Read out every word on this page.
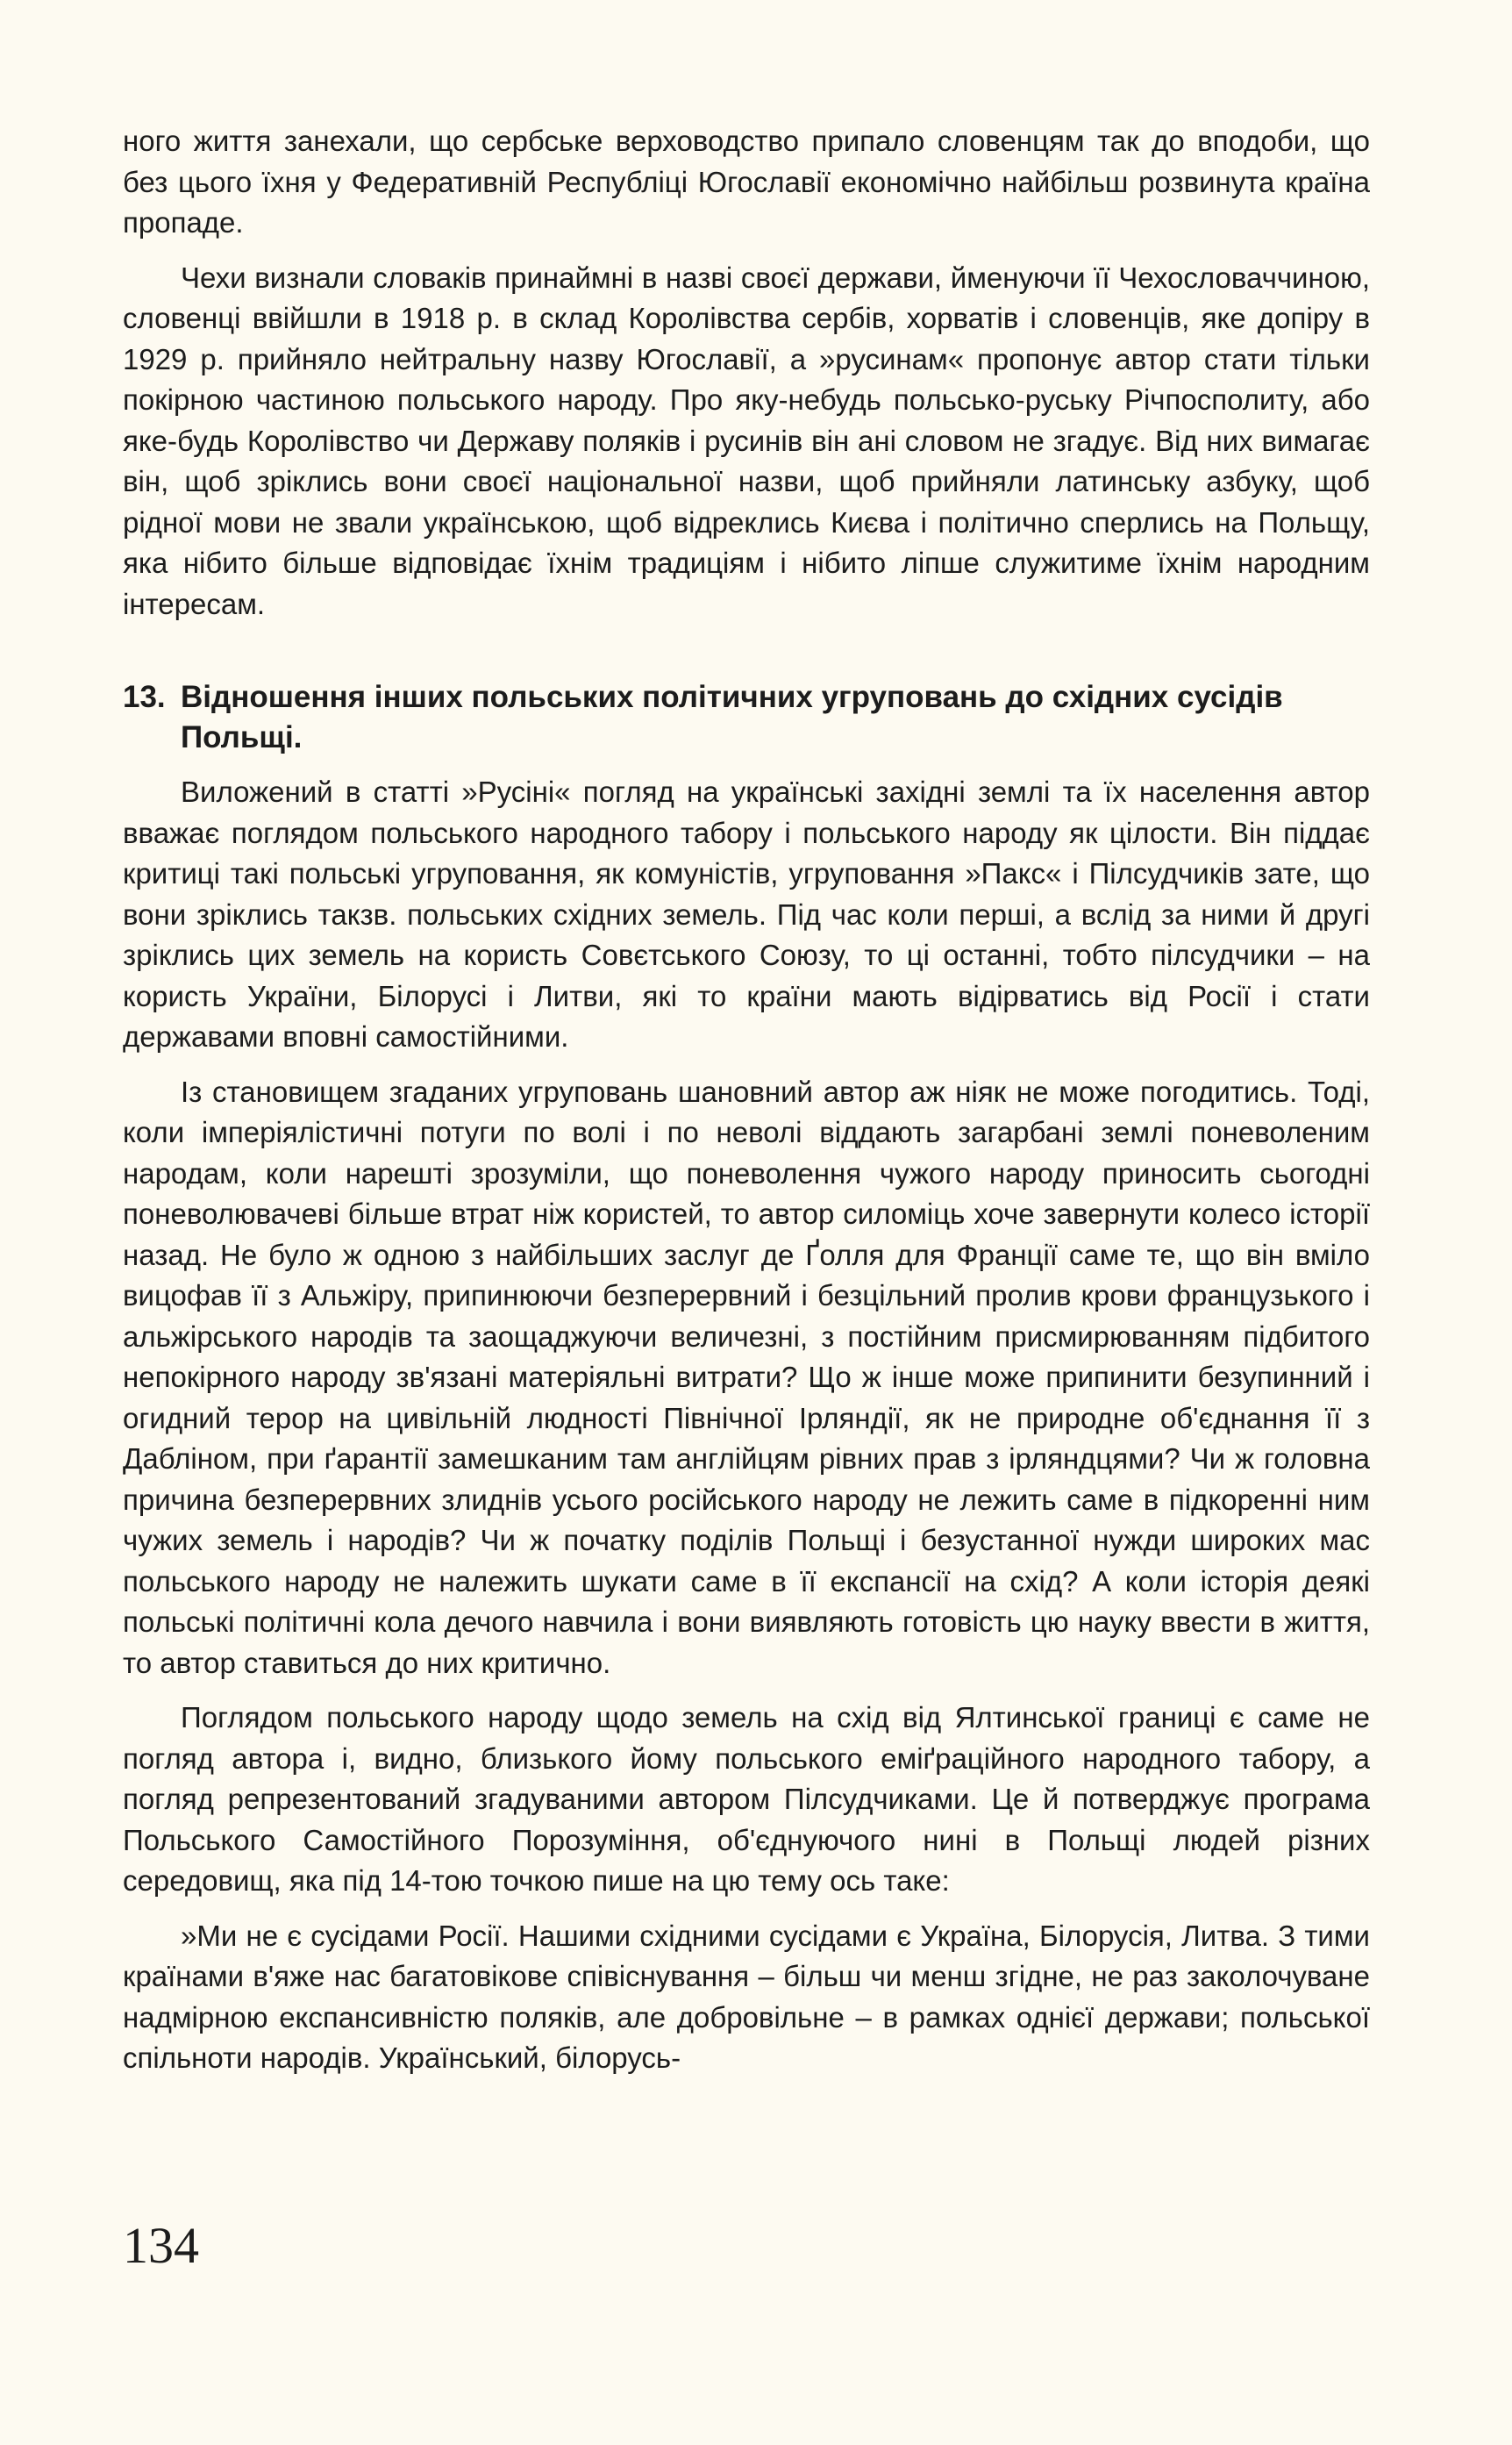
ного життя занехали, що сербське верховодство припало словенцям так до вподоби, що без цього їхня у Федеративній Республіці Югославії економічно найбільш розвинута країна пропаде.

Чехи визнали словаків принаймні в назві своєї держави, йменуючи її Чехословаччиною, словенці ввійшли в 1918 р. в склад Королівства сербів, хорватів і словенців, яке допіру в 1929 р. прийняло нейтральну назву Югославії, а »русинам« пропонує автор стати тільки покірною частиною польського народу. Про яку-небудь польсько-руську Річпосполиту, або яке-будь Королівство чи Державу поляків і русинів він ані словом не згадує. Від них вимагає він, щоб зріклись вони своєї національної назви, щоб прийняли латинську азбуку, щоб рідної мови не звали українською, щоб відреклись Києва і політично сперлись на Польщу, яка нібито більше відповідає їхнім традиціям і нібито ліпше служитиме їхнім народним інтересам.

13. Відношення інших польських політичних угруповань до східних сусідів Польщі.

Виложений в статті »Русіні« погляд на українські західні землі та їх населення автор вважає поглядом польського народного табору і польського народу як цілости. Він піддає критиці такі польські угруповання, як комуністів, угруповання »Пакс« і Пілсудчиків зате, що вони зріклись такзв. польських східних земель. Під час коли перші, а вслід за ними й другі зріклись цих земель на користь Совєтського Союзу, то ці останні, тобто пілсудчики – на користь України, Білорусі і Литви, які то країни мають відірватись від Росії і стати державами вповні самостійними.

Із становищем згаданих угруповань шановний автор аж ніяк не може погодитись. Тоді, коли імперіялістичні потуги по волі і по неволі віддають загарбані землі поневоленим народам, коли нарешті зрозуміли, що поневолення чужого народу приносить сьогодні поневолювачеві більше втрат ніж користей, то автор силоміць хоче завернути колесо історії назад. Не було ж одною з найбільших заслуг де Ґолля для Франції саме те, що він вміло вицофав її з Альжіру, припинюючи безперервний і безцільний пролив крови французького і альжірського народів та заощаджуючи величезні, з постійним присмирюванням підбитого непокірного народу зв'язані матеріяльні витрати? Що ж інше може припинити безупинний і огидний терор на цивільній людності Північної Ірляндії, як не природне об'єднання її з Дабліном, при ґарантії замешканим там англійцям рівних прав з ірляндцями? Чи ж головна причина безперервних злиднів усього російського народу не лежить саме в підкоренні ним чужих земель і народів? Чи ж початку поділів Польщі і безустанної нужди широких мас польського народу не належить шукати саме в її експансії на схід? А коли історія деякі польські політичні кола дечого навчила і вони виявляють готовість цю науку ввести в життя, то автор ставиться до них критично.

Поглядом польського народу щодо земель на схід від Ялтинської границі є саме не погляд автора і, видно, близького йому польського еміґраційного народного табору, а погляд репрезентований згадуваними автором Пілсудчиками. Це й потверджує програма Польського Самостійного Порозуміння, об'єднуючого нині в Польщі людей різних середовищ, яка під 14-тою точкою пише на цю тему ось таке:

»Ми не є сусідами Росії. Нашими східними сусідами є Україна, Білорусія, Литва. З тими країнами в'яже нас багатовікове співіснування – більш чи менш згідне, не раз заколочуване надмірною експансивністю поляків, але добровільне – в рамках однієї держави; польської спільноти народів. Український, білорусь-

134
